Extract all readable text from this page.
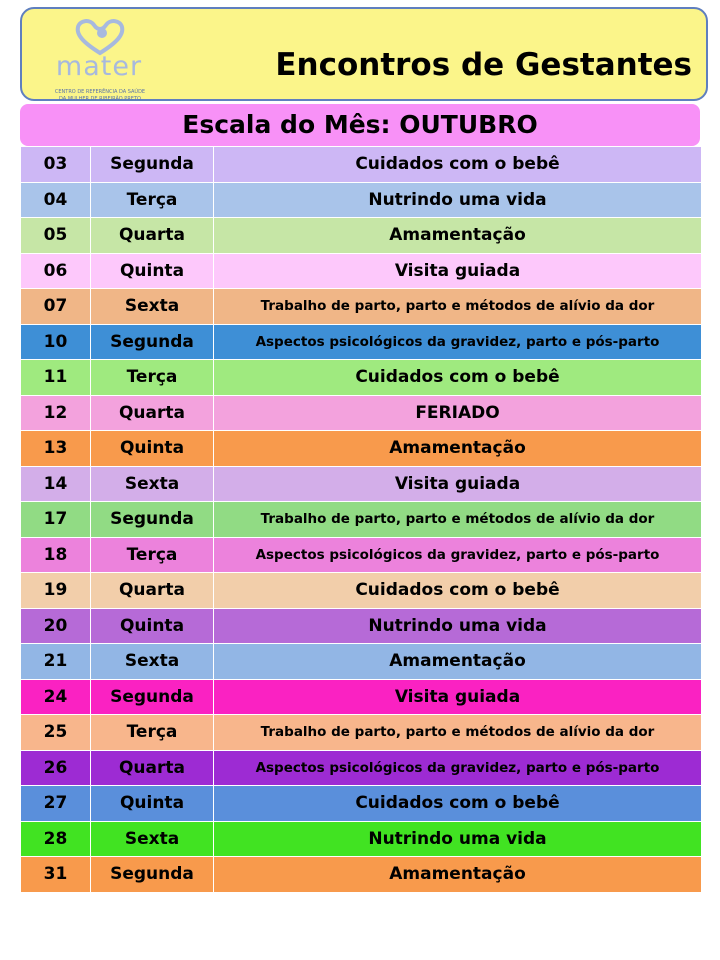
mater
CENTRO DE REFERÊNCIA DA SAÚDE
DA MULHER DE RIBEIRÃO PRETO
Encontros de Gestantes
Escala do Mês: OUTUBRO
03	Segunda	Cuidados com o bebê
04	Terça	Nutrindo uma vida
05	Quarta	Amamentação
06	Quinta	Visita guiada
07	Sexta	Trabalho de parto, parto e métodos de alívio da dor
10	Segunda	Aspectos psicológicos da gravidez, parto e pós-parto
11	Terça	Cuidados com o bebê
12	Quarta	FERIADO
13	Quinta	Amamentação
14	Sexta	Visita guiada
17	Segunda	Trabalho de parto, parto e métodos de alívio da dor
18	Terça	Aspectos psicológicos da gravidez, parto e pós-parto
19	Quarta	Cuidados com o bebê
20	Quinta	Nutrindo uma vida
21	Sexta	Amamentação
24	Segunda	Visita guiada
25	Terça	Trabalho de parto, parto e métodos de alívio da dor
26	Quarta	Aspectos psicológicos da gravidez, parto e pós-parto
27	Quinta	Cuidados com o bebê
28	Sexta	Nutrindo uma vida
31	Segunda	Amamentação
